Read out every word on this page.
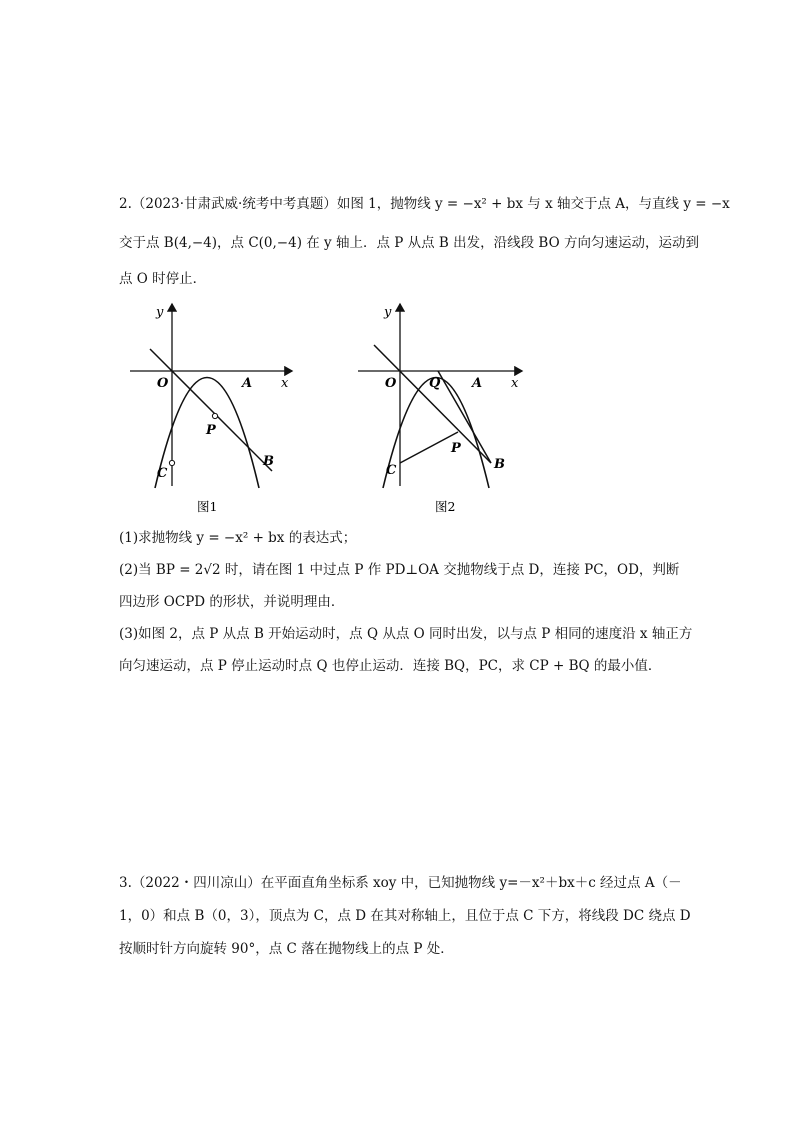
2.（2023·甘肃武威·统考中考真题）如图 1，抛物线 y = −x² + bx 与 x 轴交于点 A，与直线 y = −x
交于点 B(4,−4)，点 C(0,−4) 在 y 轴上．点 P 从点 B 出发，沿线段 BO 方向匀速运动，运动到
点 O 时停止．
y
x
O	A
P
B
C
图1
y
x
O	Q A
P
B
C
图2
(1)求抛物线 y = −x² + bx 的表达式；
(2)当 BP = 2√2 时，请在图 1 中过点 P 作 PD⊥OA 交抛物线于点 D，连接 PC，OD，判断
四边形 OCPD 的形状，并说明理由．
(3)如图 2，点 P 从点 B 开始运动时，点 Q 从点 O 同时出发，以与点 P 相同的速度沿 x 轴正方
向匀速运动，点 P 停止运动时点 Q 也停止运动．连接 BQ，PC，求 CP + BQ 的最小值．
3.（2022・四川凉山）在平面直角坐标系 xoy 中，已知抛物线 y=－x²＋bx＋c 经过点 A（－
1，0）和点 B（0，3），顶点为 C，点 D 在其对称轴上，且位于点 C 下方，将线段 DC 绕点 D
按顺时针方向旋转 90°，点 C 落在抛物线上的点 P 处．
